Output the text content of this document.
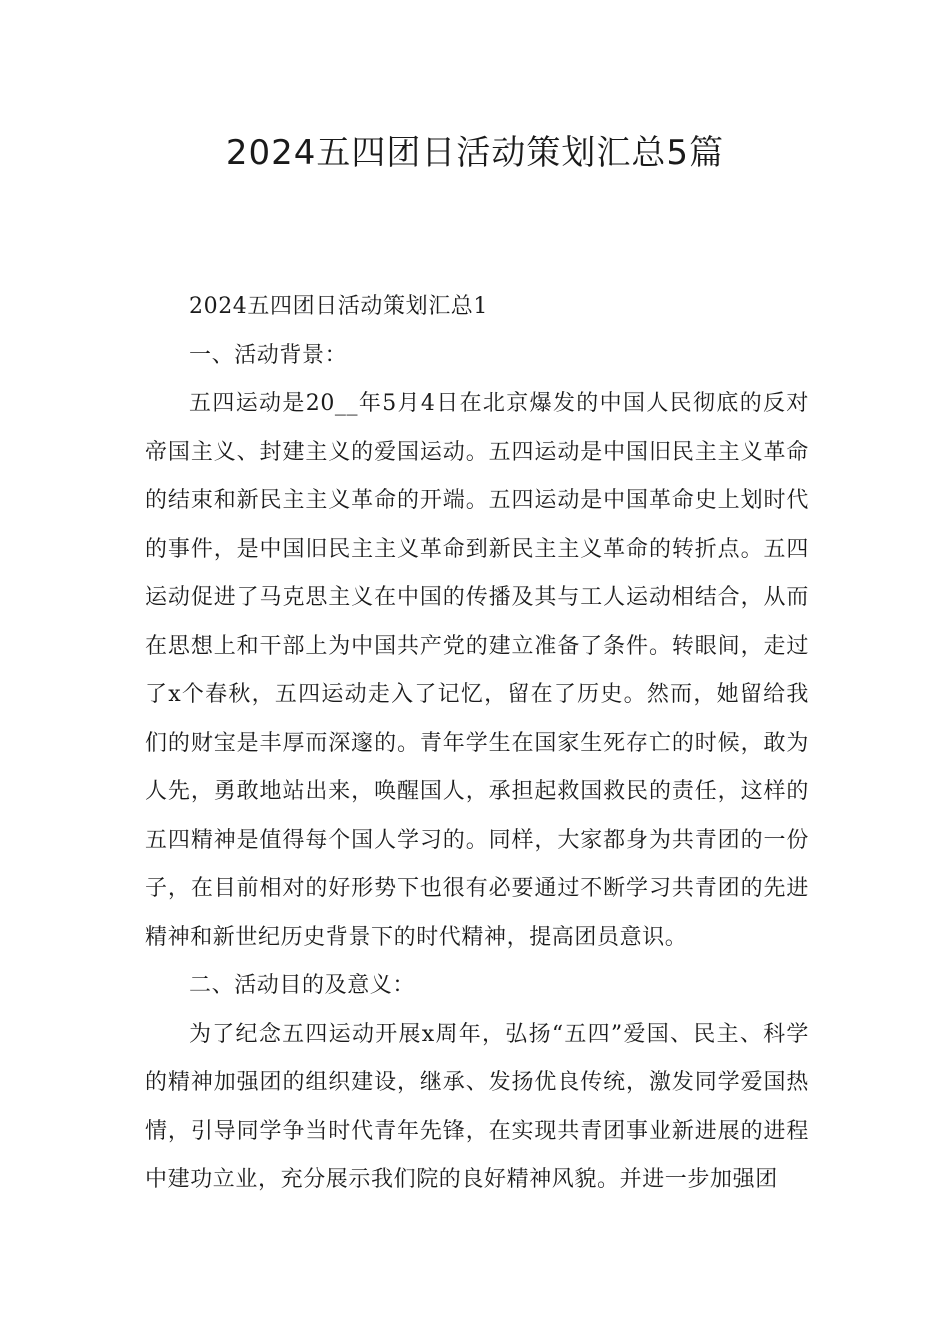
2024五四团日活动策划汇总5篇

2024五四团日活动策划汇总1

一、活动背景：

五四运动是20__年5月4日在北京爆发的中国人民彻底的反对帝国主义、封建主义的爱国运动。五四运动是中国旧民主主义革命的结束和新民主主义革命的开端。五四运动是中国革命史上划时代的事件，是中国旧民主主义革命到新民主主义革命的转折点。五四运动促进了马克思主义在中国的传播及其与工人运动相结合，从而在思想上和干部上为中国共产党的建立准备了条件。转眼间，走过了x个春秋，五四运动走入了记忆，留在了历史。然而，她留给我们的财宝是丰厚而深邃的。青年学生在国家生死存亡的时候，敢为人先，勇敢地站出来，唤醒国人，承担起救国救民的责任，这样的五四精神是值得每个国人学习的。同样，大家都身为共青团的一份子，在目前相对的好形势下也很有必要通过不断学习共青团的先进精神和新世纪历史背景下的时代精神，提高团员意识。

二、活动目的及意义：

为了纪念五四运动开展x周年，弘扬“五四”爱国、民主、科学的精神加强团的组织建设，继承、发扬优良传统，激发同学爱国热情，引导同学争当时代青年先锋，在实现共青团事业新进展的进程中建功立业，充分展示我们院的良好精神风貌。并进一步加强团
